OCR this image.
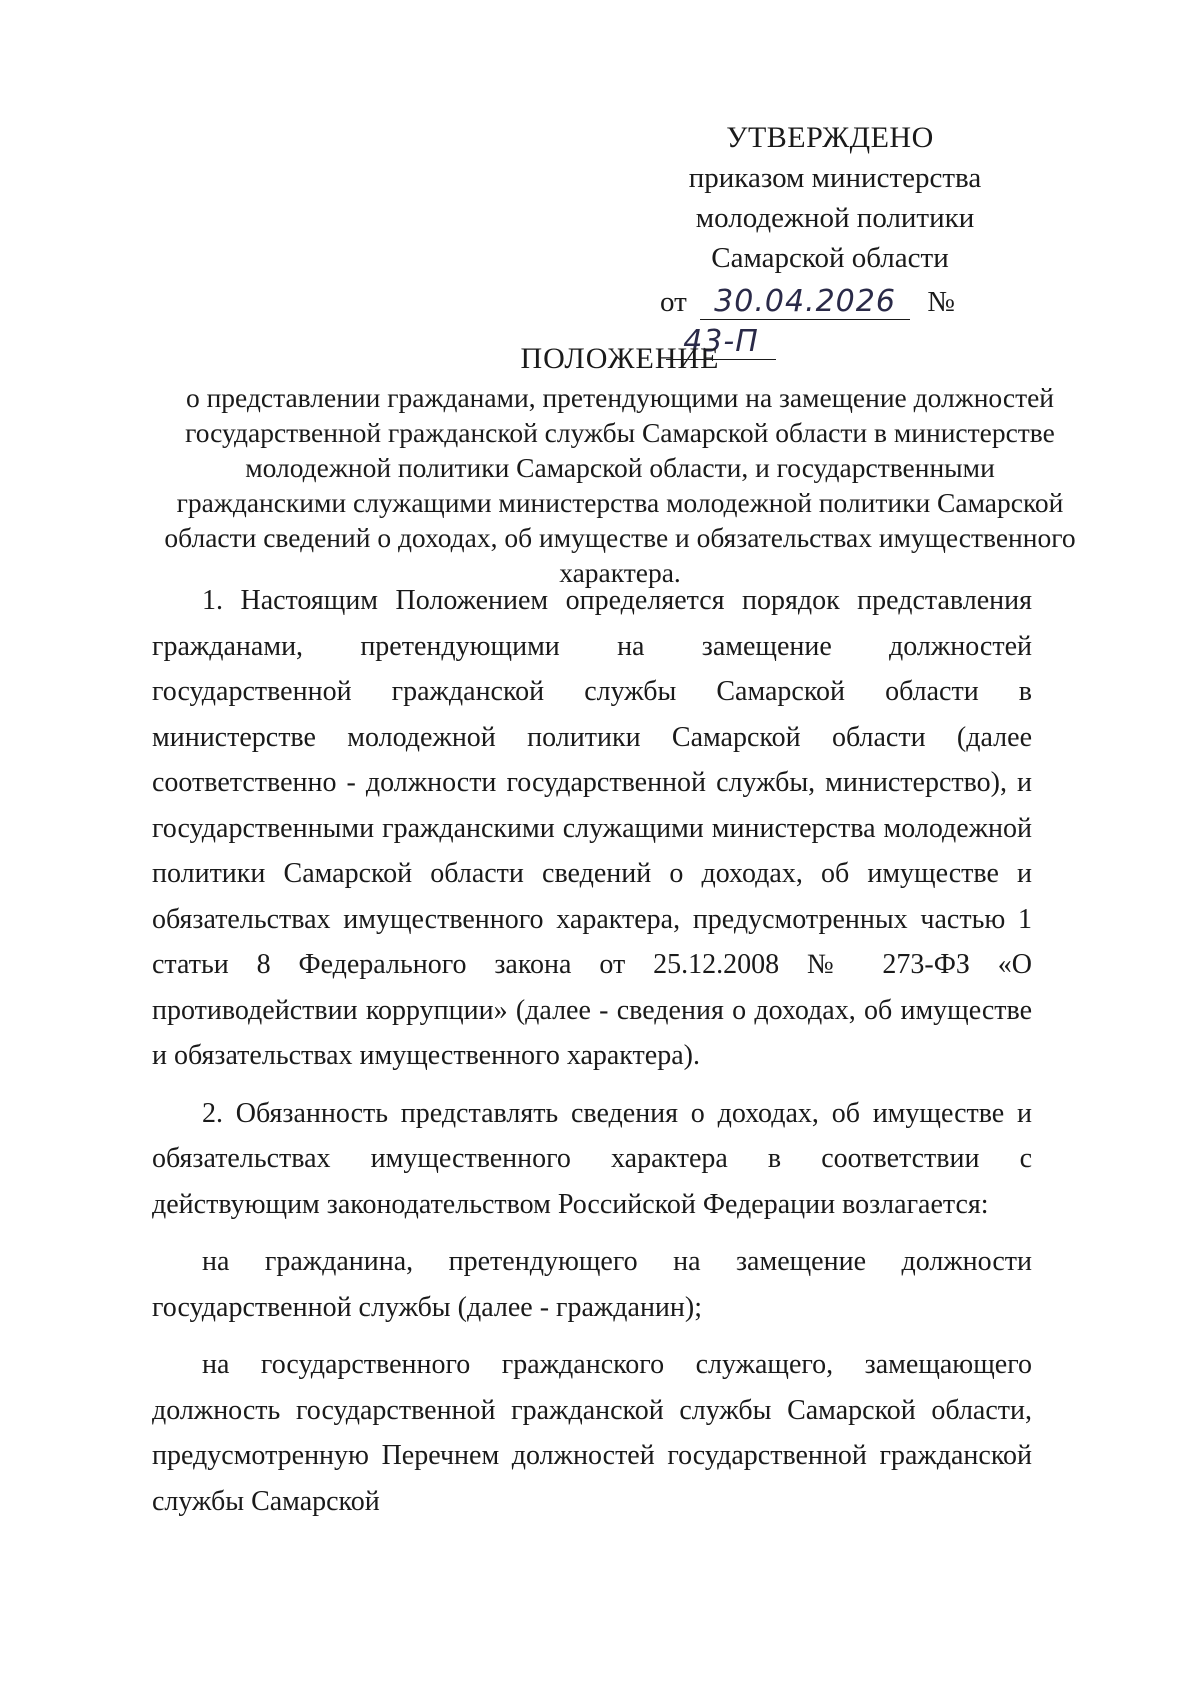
УТВЕРЖДЕНО
приказом министерства
молодежной политики
Самарской области
от 30.04.2026 № 43-П
ПОЛОЖЕНИЕ
о представлении гражданами, претендующими на замещение должностей государственной гражданской службы Самарской области в министерстве молодежной политики Самарской области, и государственными гражданскими служащими министерства молодежной политики Самарской области сведений о доходах, об имуществе и обязательствах имущественного характера.

1. Настоящим Положением определяется порядок представления гражданами, претендующими на замещение должностей государственной гражданской службы Самарской области в министерстве молодежной политики Самарской области (далее соответственно - должности государственной службы, министерство), и государственными гражданскими служащими министерства молодежной политики Самарской области сведений о доходах, об имуществе и обязательствах имущественного характера, предусмотренных частью 1 статьи 8 Федерального закона от 25.12.2008 № 273-ФЗ «О противодействии коррупции» (далее - сведения о доходах, об имуществе и обязательствах имущественного характера).

2. Обязанность представлять сведения о доходах, об имуществе и обязательствах имущественного характера в соответствии с действующим законодательством Российской Федерации возлагается:

на гражданина, претендующего на замещение должности государственной службы (далее - гражданин);

на государственного гражданского служащего, замещающего должность государственной гражданской службы Самарской области, предусмотренную Перечнем должностей государственной гражданской службы Самарской
